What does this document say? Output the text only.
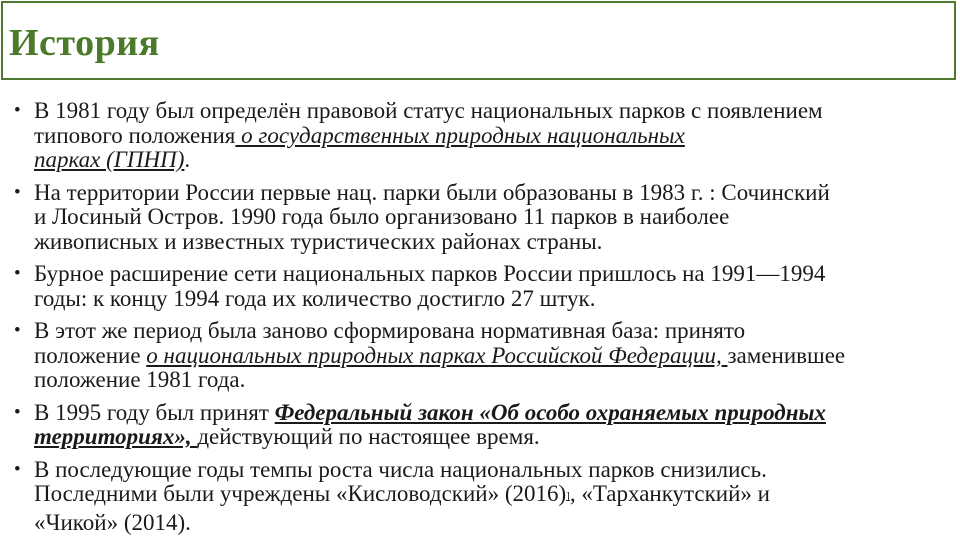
История
• В 1981 году был определён правовой статус национальных парков с появлением
типового положения о государственных природных национальных
парках (ГПНП).
• На территории России первые нац. парки были образованы в 1983 г. : Сочинский
и Лосиный Остров. 1990 года было организовано 11 парков в наиболее
живописных и известных туристических районах страны.
• Бурное расширение сети национальных парков России пришлось на 1991—1994
годы: к концу 1994 года их количество достигло 27 штук.
• В этот же период была заново сформирована нормативная база: принято
положение о национальных природных парках Российской Федерации, заменившее
положение 1981 года.
• В 1995 году был принят Федеральный закон «Об особо охраняемых природных
территориях», действующий по настоящее время.
• В последующие годы темпы роста числа национальных парков снизились.
Последними были учреждены «Кисловодский» (2016)], «Тарханкутский» и
«Чикой» (2014).
